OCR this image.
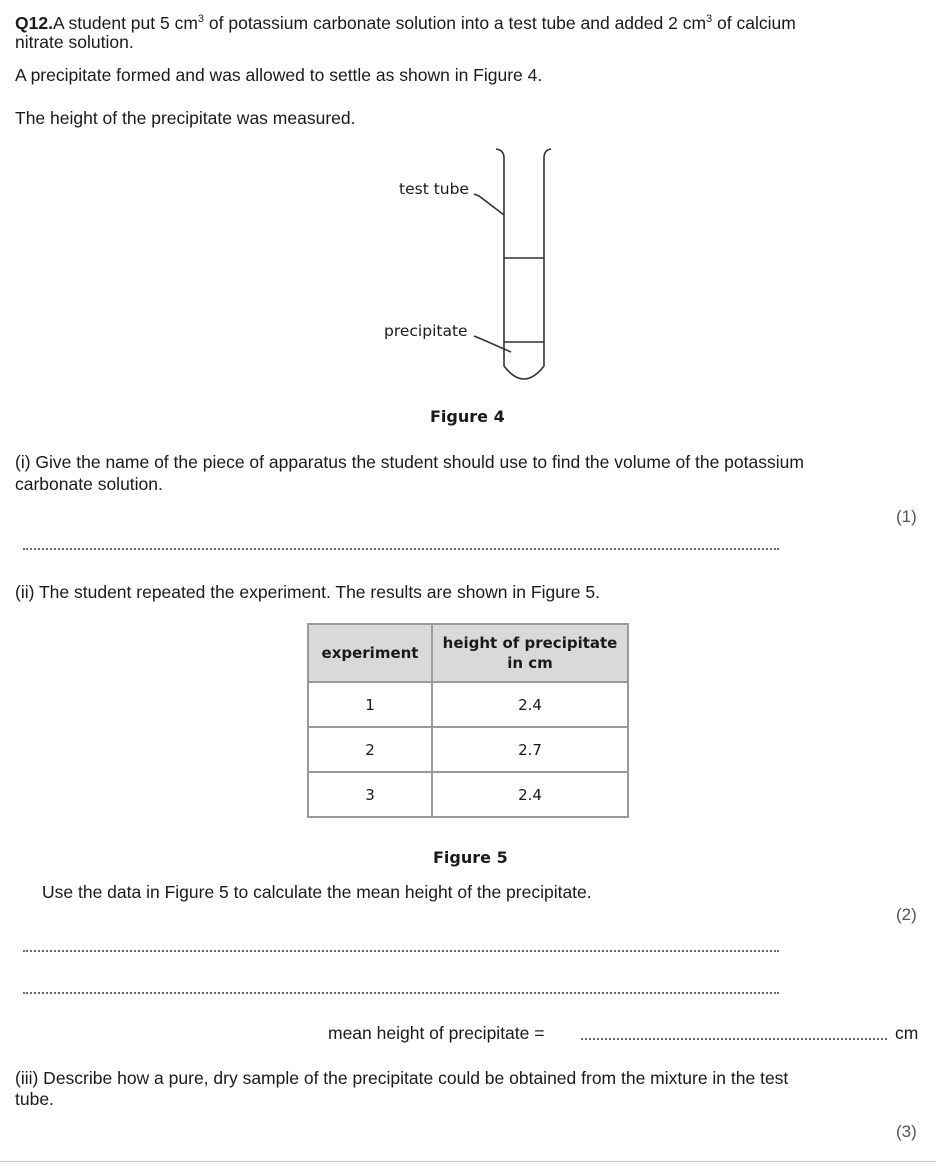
Q12.A student put 5 $cm^3$ of potassium carbonate solution into a test tube and added 2 $cm^3$ of calcium
nitrate solution.
A precipitate formed and was allowed to settle as shown in Figure 4.
The height of the precipitate was measured.
test tube
precipitate
Figure 4
(i) Give the name of the piece of apparatus the student should use to find the volume of the potassium
carbonate solution.
(1)
(ii) The student repeated the experiment. The results are shown in Figure 5.
experiment	height of precipitate
in cm

1	2.4
2	2.7
3	2.4
Figure 5
Use the data in Figure 5 to calculate the mean height of the precipitate.
(2)
mean height of precipitate =	cm
(iii) Describe how a pure, dry sample of the precipitate could be obtained from the mixture in the test
tube.
(3)
